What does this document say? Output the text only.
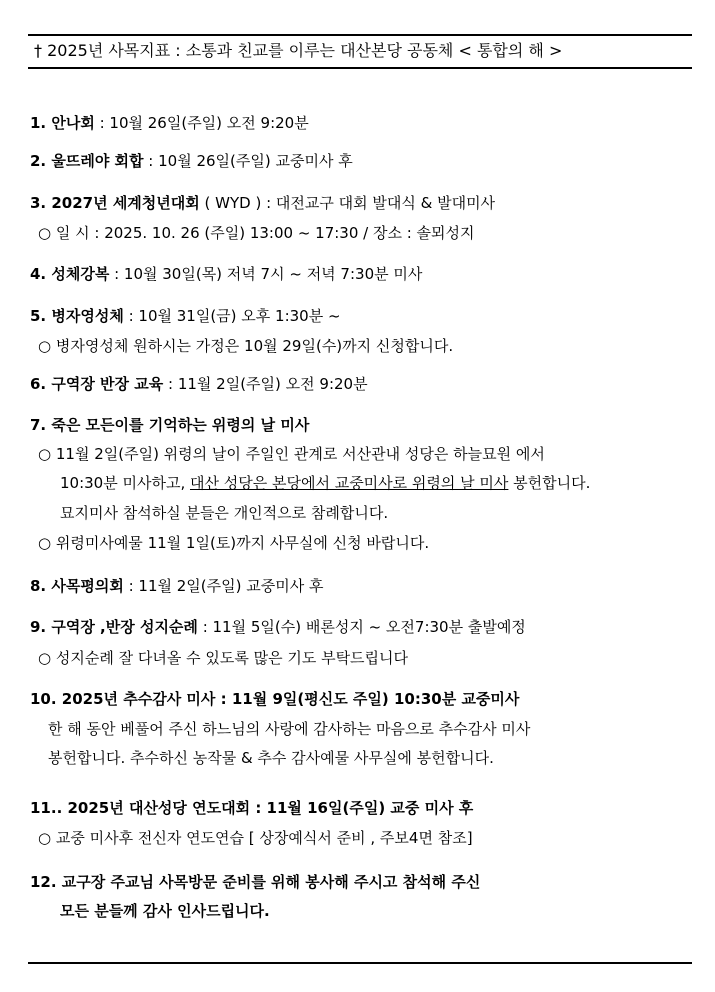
† 2025년 사목지표 : 소통과 친교를 이루는 대산본당 공동체 < 통합의 해 >
1. 안나회 : 10월 26일(주일) 오전 9:20분
2. 울뜨레야 회합 : 10월 26일(주일) 교중미사 후
3. 2027년 세계청년대회 ( WYD ) : 대전교구 대회 발대식 & 발대미사
○ 일 시 : 2025. 10. 26 (주일) 13:00 ~ 17:30 / 장소 : 솔뫼성지
4. 성체강복 : 10월 30일(목) 저녁 7시 ~ 저녁 7:30분 미사
5. 병자영성체 : 10월 31일(금) 오후 1:30분 ~
○ 병자영성체 원하시는 가정은 10월 29일(수)까지 신청합니다.
6. 구역장 반장 교육 : 11월 2일(주일) 오전 9:20분
7. 죽은 모든이를 기억하는 위령의 날 미사
○ 11월 2일(주일) 위령의 날이 주일인 관계로 서산관내 성당은 하늘묘원 에서
10:30분 미사하고, 대산 성당은 본당에서 교중미사로 위령의 날 미사 봉헌합니다.
묘지미사 참석하실 분들은 개인적으로 참례합니다.
○ 위령미사예물 11월 1일(토)까지 사무실에 신청 바랍니다.
8. 사목평의회 : 11월 2일(주일) 교중미사 후
9. 구역장 ,반장 성지순례 : 11월 5일(수) 배론성지 ~ 오전7:30분 출발예정
○ 성지순례 잘 다녀올 수 있도록 많은 기도 부탁드립니다
10. 2025년 추수감사 미사 : 11월 9일(평신도 주일) 10:30분 교중미사
한 해 동안 베풀어 주신 하느님의 사랑에 감사하는 마음으로 추수감사 미사
봉헌합니다. 추수하신 농작물 & 추수 감사예물 사무실에 봉헌합니다.
11.. 2025년 대산성당 연도대회 : 11월 16일(주일) 교중 미사 후
○ 교중 미사후 전신자 연도연습 [ 상장예식서 준비 , 주보4면 참조]
12. 교구장 주교님 사목방문 준비를 위해 봉사해 주시고 참석해 주신
모든 분들께 감사 인사드립니다.
